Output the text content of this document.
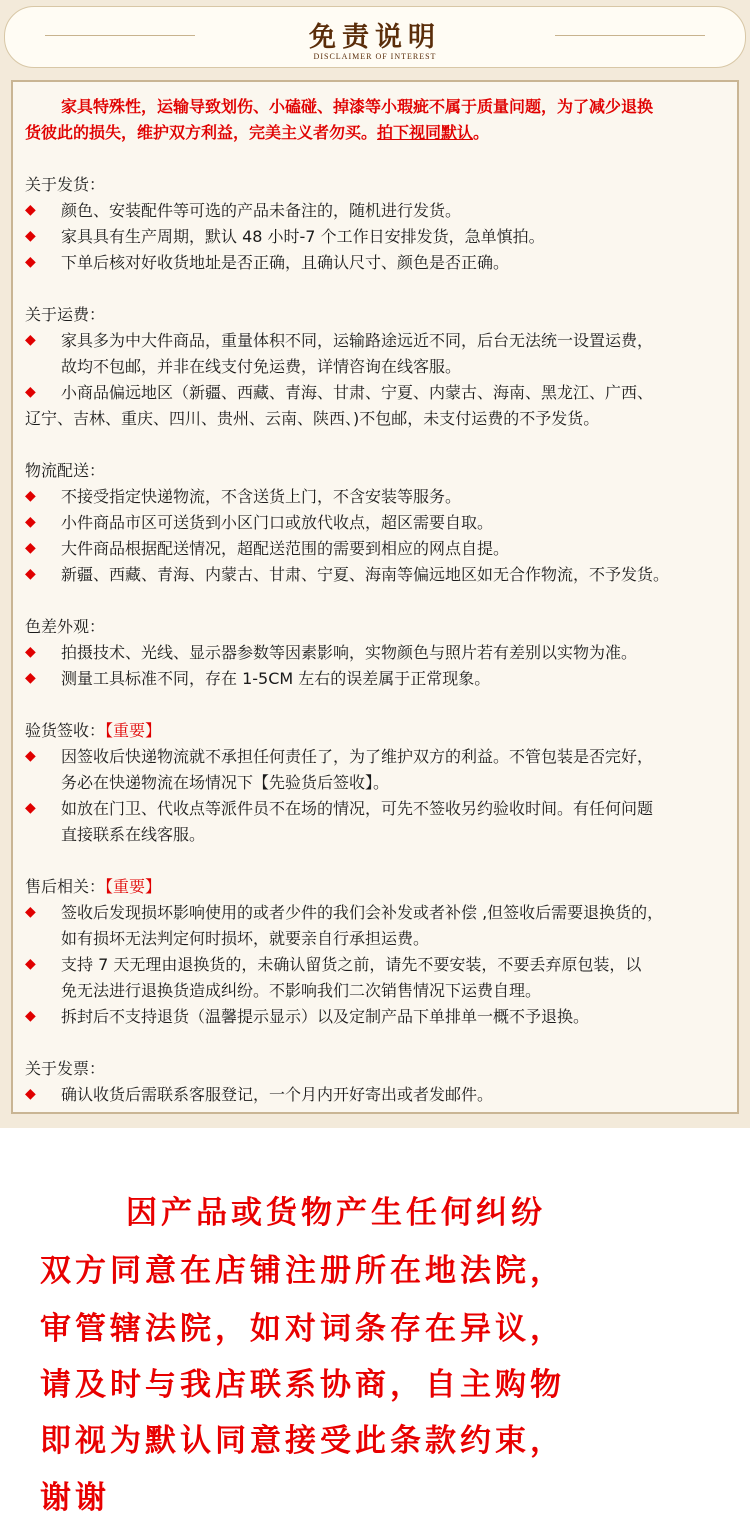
免责说明
DISCLAIMER OF INTEREST
家具特殊性，运输导致划伤、小磕碰、掉漆等小瑕疵不属于质量问题，为了减少退换
货彼此的损失，维护双方利益，完美主义者勿买。拍下视同默认。
关于发货：
◆ 颜色、安装配件等可选的产品未备注的，随机进行发货。
◆ 家具具有生产周期，默认 48 小时-7 个工作日安排发货，急单慎拍。
◆ 下单后核对好收货地址是否正确，且确认尺寸、颜色是否正确。
关于运费：
◆ 家具多为中大件商品，重量体积不同，运输路途远近不同，后台无法统一设置运费，
故均不包邮，并非在线支付免运费，详情咨询在线客服。
◆ 小商品偏远地区（新疆、西藏、青海、甘肃、宁夏、内蒙古、海南、黑龙江、广西、
辽宁、吉林、重庆、四川、贵州、云南、陕西、)不包邮，未支付运费的不予发货。
物流配送：
◆ 不接受指定快递物流，不含送货上门，不含安装等服务。
◆ 小件商品市区可送货到小区门口或放代收点，超区需要自取。
◆ 大件商品根据配送情况，超配送范围的需要到相应的网点自提。
◆ 新疆、西藏、青海、内蒙古、甘肃、宁夏、海南等偏远地区如无合作物流，不予发货。
色差外观：
◆ 拍摄技术、光线、显示器参数等因素影响，实物颜色与照片若有差别以实物为准。
◆ 测量工具标准不同，存在 1-5CM 左右的误差属于正常现象。
验货签收：【重要】
◆ 因签收后快递物流就不承担任何责任了，为了维护双方的利益。不管包装是否完好，
务必在快递物流在场情况下【先验货后签收】。
◆ 如放在门卫、代收点等派件员不在场的情况，可先不签收另约验收时间。有任何问题
直接联系在线客服。
售后相关：【重要】
◆ 签收后发现损坏影响使用的或者少件的我们会补发或者补偿 ,但签收后需要退换货的，
如有损坏无法判定何时损坏，就要亲自行承担运费。
◆ 支持 7 天无理由退换货的，未确认留货之前，请先不要安装，不要丢弃原包装，以
免无法进行退换货造成纠纷。不影响我们二次销售情况下运费自理。
◆ 拆封后不支持退货（温馨提示显示）以及定制产品下单排单一概不予退换。
关于发票：
◆ 确认收货后需联系客服登记，一个月内开好寄出或者发邮件。
因产品或货物产生任何纠纷
双方同意在店铺注册所在地法院，
审管辖法院，如对词条存在异议，
请及时与我店联系协商，自主购物
即视为默认同意接受此条款约束，
谢谢
